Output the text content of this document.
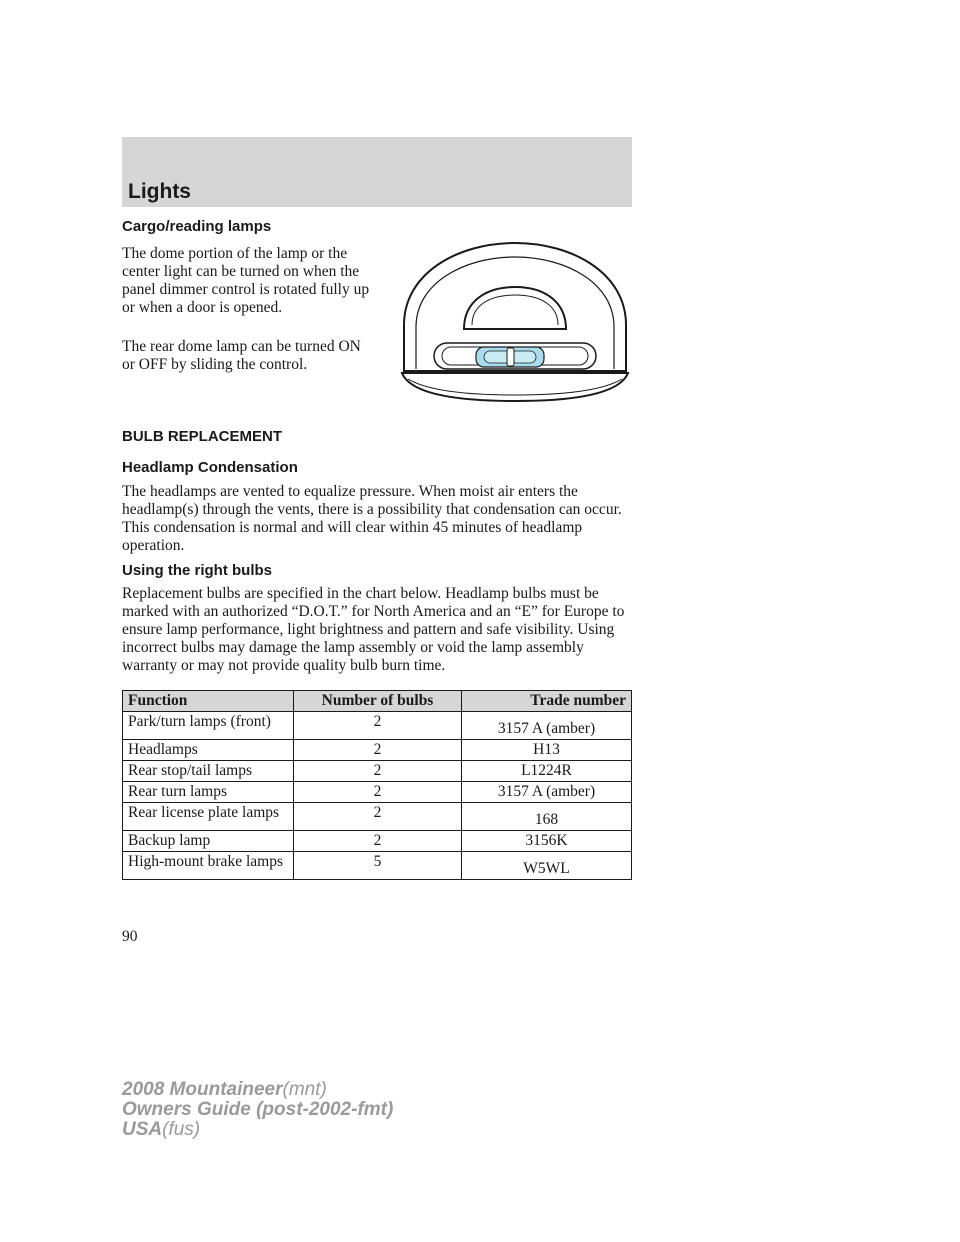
Lights
Cargo/reading lamps

The dome portion of the lamp or the center light can be turned on when the panel dimmer control is rotated fully up or when a door is opened.

The rear dome lamp can be turned ON or OFF by sliding the control.

BULB REPLACEMENT
Headlamp Condensation

The headlamps are vented to equalize pressure. When moist air enters the headlamp(s) through the vents, there is a possibility that condensation can occur. This condensation is normal and will clear within 45 minutes of headlamp operation.

Using the right bulbs

Replacement bulbs are specified in the chart below. Headlamp bulbs must be marked with an authorized “D.O.T.” for North America and an “E” for Europe to ensure lamp performance, light brightness and pattern and safe visibility. Using incorrect bulbs may damage the lamp assembly or void the lamp assembly warranty or may not provide quality bulb burn time.

Function	Number of bulbs	Trade number
Park/turn lamps (front)	2	3157 A (amber)
Headlamps	2	H13
Rear stop/tail lamps	2	L1224R
Rear turn lamps	2	3157 A (amber)
Rear license plate lamps	2	168
Backup lamp	2	3156K
High-mount brake lamps	5	W5WL
90
2008 Mountaineer(mnt)
Owners Guide (post-2002-fmt)
USA(fus)
